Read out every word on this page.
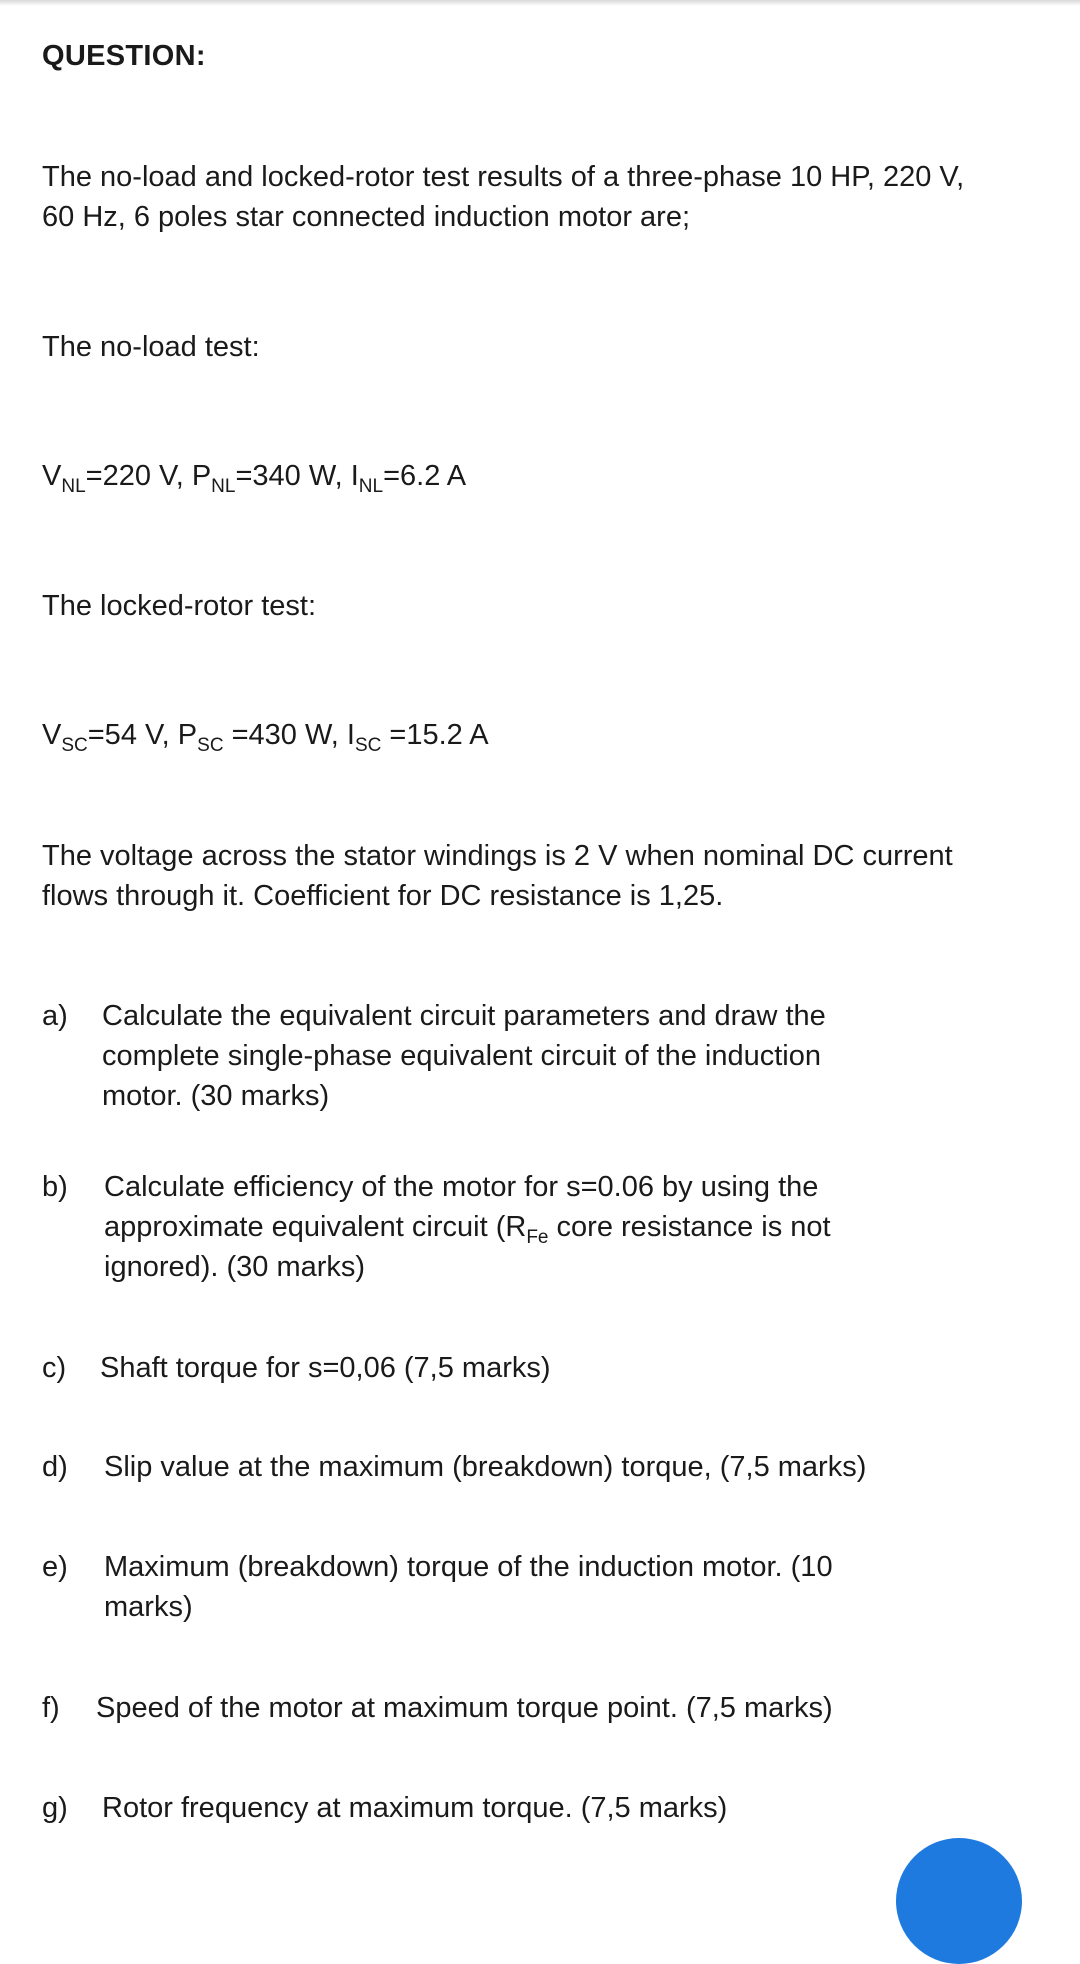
QUESTION:
The no-load and locked-rotor test results of a three-phase 10 HP, 220 V,
60 Hz, 6 poles star connected induction motor are;
The no-load test:
$V_{NL}=220$ V, $P_{NL}=340$ W, $I_{NL}=6.2$ A
The locked-rotor test:
$V_{SC}=54$ V, $P_{SC} =430$ W, $I_{SC} =15.2$ A
The voltage across the stator windings is 2 V when nominal DC current
flows through it. Coefficient for DC resistance is 1,25.
a) Calculate the equivalent circuit parameters and draw the
complete single-phase equivalent circuit of the induction
motor. (30 marks)
b) Calculate efficiency of the motor for s=0.06 by using the
approximate equivalent circuit ($R_{Fe}$ core resistance is not
ignored). (30 marks)
c) Shaft torque for s=0,06 (7,5 marks)
d) Slip value at the maximum (breakdown) torque, (7,5 marks)
e) Maximum (breakdown) torque of the induction motor. (10
marks)
f) Speed of the motor at maximum torque point. (7,5 marks)
g) Rotor frequency at maximum torque. (7,5 marks)
